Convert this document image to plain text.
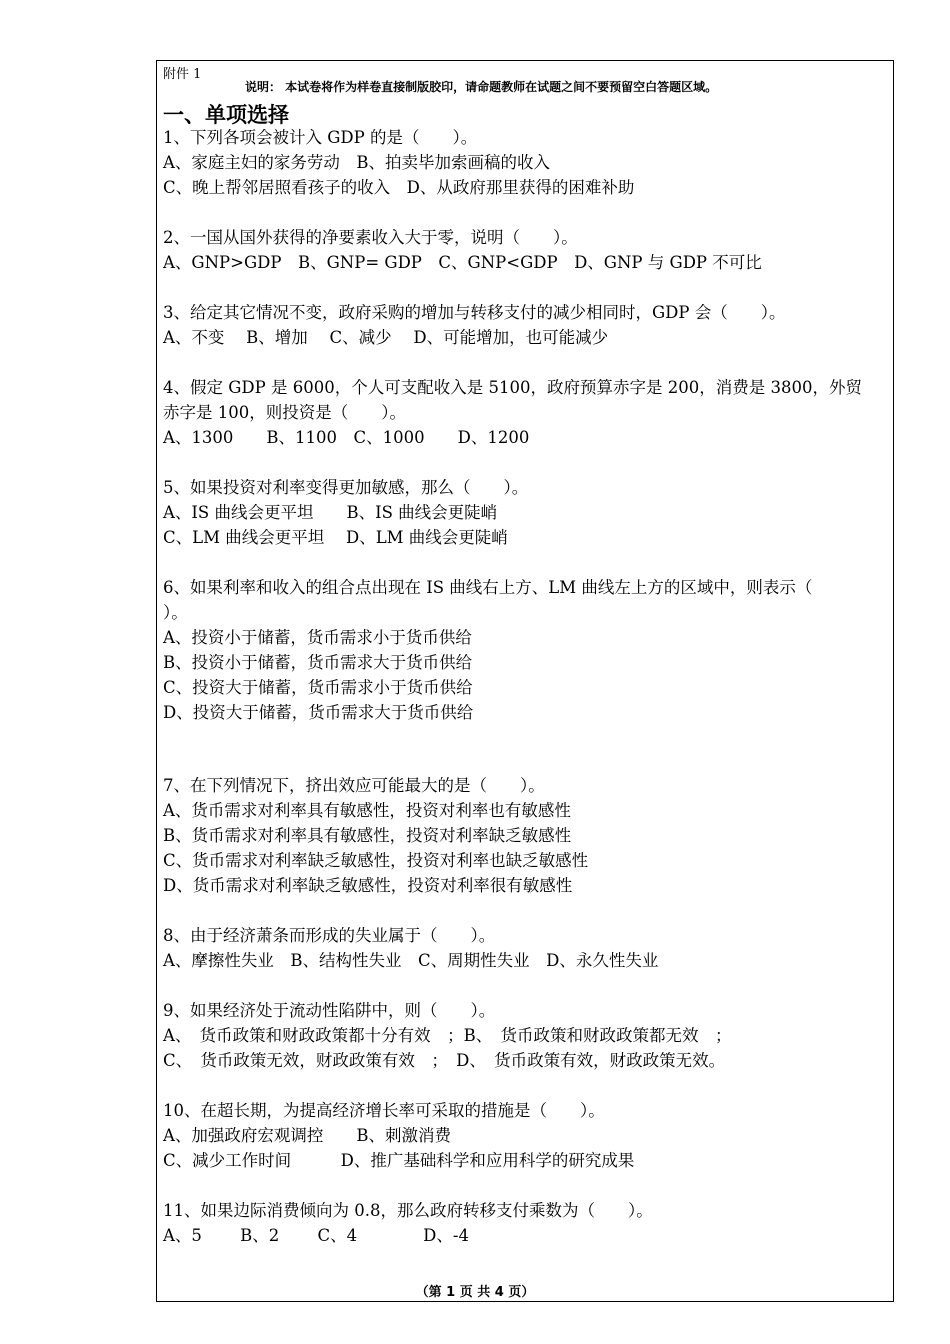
附件 1
说明： 本试卷将作为样卷直接制版胶印，请命题教师在试题之间不要预留空白答题区域。
一、单项选择
1、下列各项会被计入 GDP 的是（　　）。
A、家庭主妇的家务劳动　B、拍卖毕加索画稿的收入
C、晚上帮邻居照看孩子的收入　D、从政府那里获得的困难补助
2、一国从国外获得的净要素收入大于零，说明（　　）。
A、GNP>GDP　B、GNP= GDP　C、GNP<GDP　D、GNP 与 GDP 不可比
3、给定其它情况不变，政府采购的增加与转移支付的减少相同时，GDP 会（　　）。
A、不变　 B、增加　 C、减少　 D、可能增加，也可能减少
4、假定 GDP 是 6000，个人可支配收入是 5100，政府预算赤字是 200，消费是 3800，外贸
赤字是 100，则投资是（　　）。
A、1300　　B、1100　C、1000　　D、1200
5、如果投资对利率变得更加敏感，那么（　　）。
A、IS 曲线会更平坦　　B、IS 曲线会更陡峭
C、LM 曲线会更平坦　 D、LM 曲线会更陡峭
6、如果利率和收入的组合点出现在 IS 曲线右上方、LM 曲线左上方的区域中，则表示（
）。
A、投资小于储蓄，货币需求小于货币供给
B、投资小于储蓄，货币需求大于货币供给
C、投资大于储蓄，货币需求小于货币供给
D、投资大于储蓄，货币需求大于货币供给
7、在下列情况下，挤出效应可能最大的是（　　）。
A、货币需求对利率具有敏感性，投资对利率也有敏感性
B、货币需求对利率具有敏感性，投资对利率缺乏敏感性
C、货币需求对利率缺乏敏感性，投资对利率也缺乏敏感性
D、货币需求对利率缺乏敏感性，投资对利率很有敏感性
8、由于经济萧条而形成的失业属于（　　）。
A、摩擦性失业　B、结构性失业　C、周期性失业　D、永久性失业
9、如果经济处于流动性陷阱中，则（　　）。
A、　货币政策和财政政策都十分有效　；B、　货币政策和财政政策都无效　；
C、　货币政策无效，财政政策有效　；　D、　货币政策有效，财政政策无效。
10、在超长期，为提高经济增长率可采取的措施是（　　）。
A、加强政府宏观调控　　B、刺激消费
C、减少工作时间　　　D、推广基础科学和应用科学的研究成果
11、如果边际消费倾向为 0.8，那么政府转移支付乘数为（　　）。
A、5　　 B、2　　 C、4　　　　D、-4
（第 1 页 共 4 页）
